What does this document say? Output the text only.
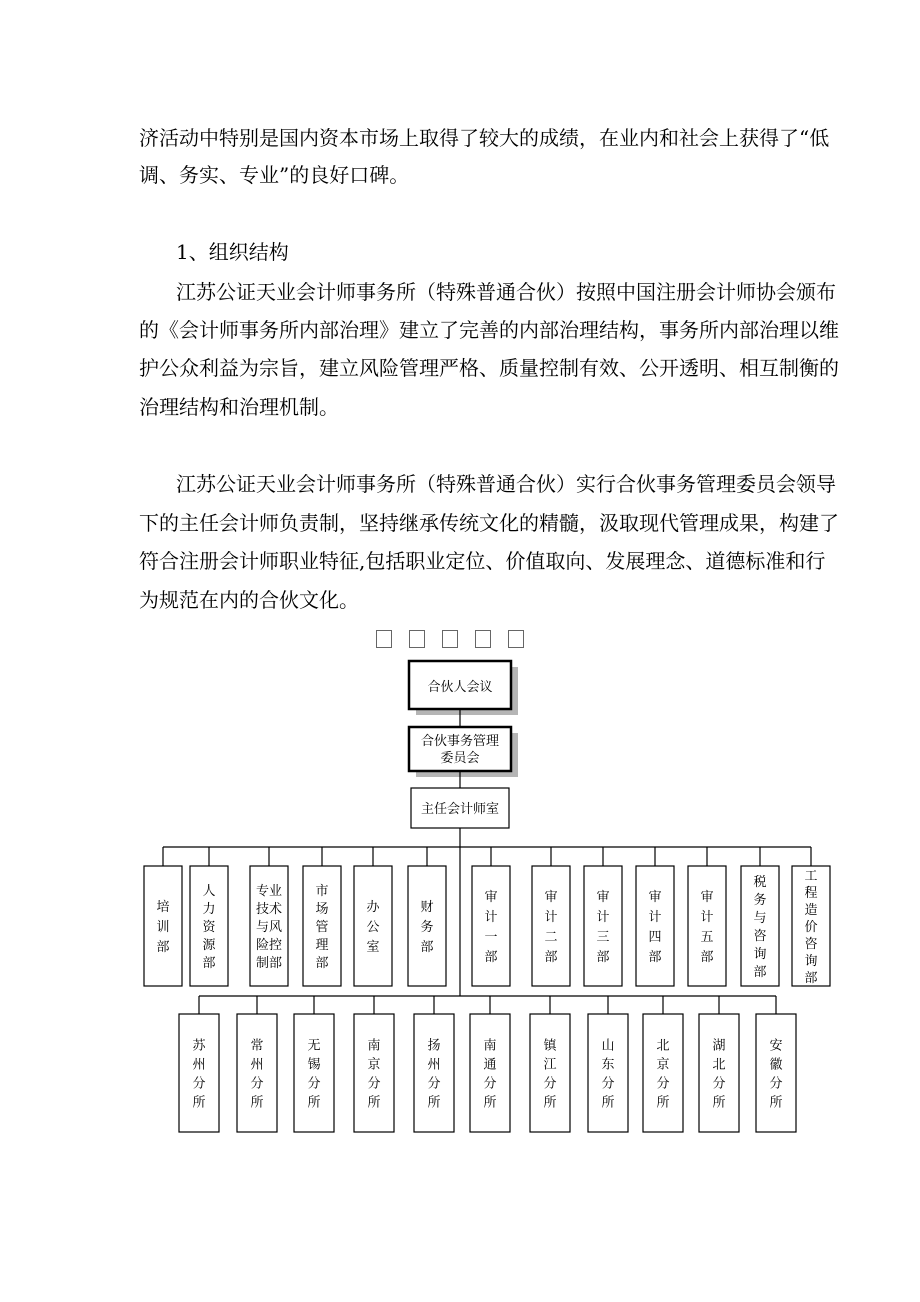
济活动中特别是国内资本市场上取得了较大的成绩，在业内和社会上获得了“低
调、务实、专业”的良好口碑。
1、组织结构
江苏公证天业会计师事务所（特殊普通合伙）按照中国注册会计师协会颁布
的《会计师事务所内部治理》建立了完善的内部治理结构，事务所内部治理以维
护公众利益为宗旨，建立风险管理严格、质量控制有效、公开透明、相互制衡的
治理结构和治理机制。
江苏公证天业会计师事务所（特殊普通合伙）实行合伙事务管理委员会领导
下的主任会计师负责制，坚持继承传统文化的精髓，汲取现代管理成果，构建了
符合注册会计师职业特征,包括职业定位、价值取向、发展理念、道德标准和行
为规范在内的合伙文化。
合伙人会议
合伙事务管理
委员会
主任会计师室
培
训
部
人
力
资
源
部
专业
技术
与风
险控
制部
市
场
管
理
部
办
公
室
财
务
部
审
计
一
部
审
计
二
部
审
计
三
部
审
计
四
部
审
计
五
部
税
务
与
咨
询
部
工
程
造
价
咨
询
部
苏
州
分
所
常
州
分
所
无
锡
分
所
南
京
分
所
扬
州
分
所
南
通
分
所
镇
江
分
所
山
东
分
所
北
京
分
所
湖
北
分
所
安
徽
分
所
